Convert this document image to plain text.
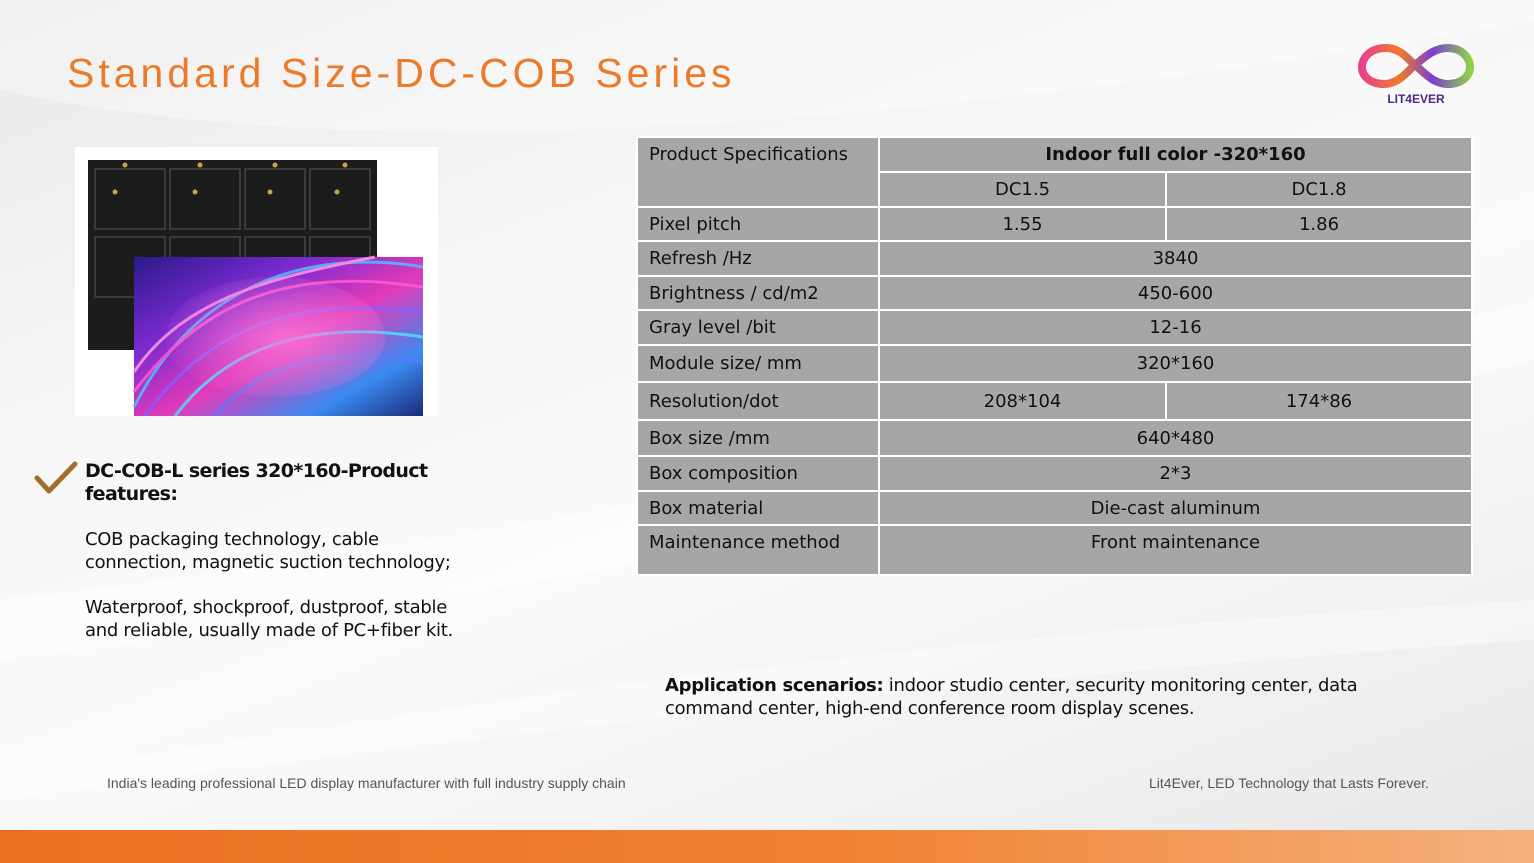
Standard Size-DC-COB Series
LIT4EVER
DC-COB-L series 320*160-Product features:

COB packaging technology, cable connection, magnetic suction technology;

Waterproof, shockproof, dustproof, stable and reliable, usually made of PC+fiber kit.

Product Specifications	Indoor full color -320*160	
	DC1.5	DC1.8
Pixel pitch	1.55	1.86
Refresh /Hz	3840	
Brightness / cd/m2	450-600	
Gray level /bit	12-16	
Module size/ mm	320*160	
Resolution/dot	208*104	174*86
Box size /mm	640*480	
Box composition	2*3	
Box material	Die-cast aluminum	
Maintenance method	Front maintenance	
Application scenarios: indoor studio center, security monitoring center, data command center, high-end conference room display scenes.
India's leading professional LED display manufacturer with full industry supply chain	Lit4Ever, LED Technology that Lasts Forever.
